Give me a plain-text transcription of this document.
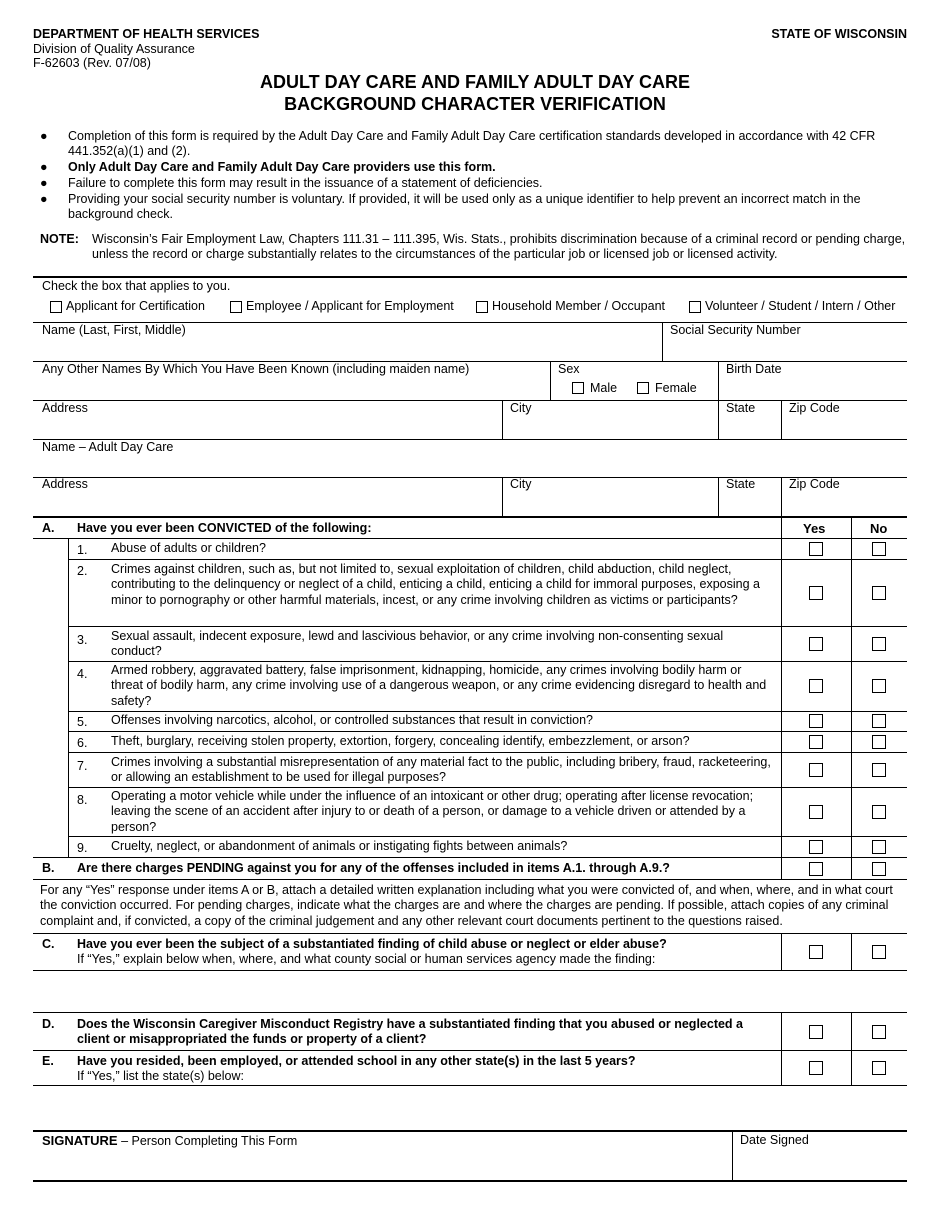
DEPARTMENT OF HEALTH SERVICES
Division of Quality Assurance
F-62603 (Rev. 07/08)
STATE OF WISCONSIN
ADULT DAY CARE AND FAMILY ADULT DAY CARE
BACKGROUND CHARACTER VERIFICATION
● Completion of this form is required by the Adult Day Care and Family Adult Day Care certification standards developed in accordance with 42 CFR 441.352(a)(1) and (2).
● Only Adult Day Care and Family Adult Day Care providers use this form.
● Failure to complete this form may result in the issuance of a statement of deficiencies.
● Providing your social security number is voluntary. If provided, it will be used only as a unique identifier to help prevent an incorrect match in the background check.
NOTE: Wisconsin’s Fair Employment Law, Chapters 111.31 – 111.395, Wis. Stats., prohibits discrimination because of a criminal record or pending charge, unless the record or charge substantially relates to the circumstances of the particular job or licensed job or licensed activity.
Check the box that applies to you.
Applicant for Certification	Employee / Applicant for Employment	Household Member / Occupant	Volunteer / Student / Intern / Other
Name (Last, First, Middle)	Social Security Number
Any Other Names By Which You Have Been Known (including maiden name)	Sex
Male	Female
Birth Date
Address	City	State	Zip Code
Name – Adult Day Care
Address	City	State	Zip Code
A. Have you ever been CONVICTED of the following:	Yes	No
1. Abuse of adults or children?
2. Crimes against children, such as, but not limited to, sexual exploitation of children, child abduction, child neglect, contributing to the delinquency or neglect of a child, enticing a child, enticing a child for immoral purposes, exposing a minor to pornography or other harmful materials, incest, or any crime involving children as victims or participants?
3. Sexual assault, indecent exposure, lewd and lascivious behavior, or any crime involving non-consenting sexual conduct?
4. Armed robbery, aggravated battery, false imprisonment, kidnapping, homicide, any crimes involving bodily harm or threat of bodily harm, any crime involving use of a dangerous weapon, or any crime evidencing disregard to health and safety?
5. Offenses involving narcotics, alcohol, or controlled substances that result in conviction?
6. Theft, burglary, receiving stolen property, extortion, forgery, concealing identify, embezzlement, or arson?
7. Crimes involving a substantial misrepresentation of any material fact to the public, including bribery, fraud, racketeering, or allowing an establishment to be used for illegal purposes?
8. Operating a motor vehicle while under the influence of an intoxicant or other drug; operating after license revocation; leaving the scene of an accident after injury to or death of a person, or damage to a vehicle driven or attended by a person?
9. Cruelty, neglect, or abandonment of animals or instigating fights between animals?
B. Are there charges PENDING against you for any of the offenses included in items A.1. through A.9.?
For any “Yes” response under items A or B, attach a detailed written explanation including what you were convicted of, and when, where, and in what court the conviction occurred. For pending charges, indicate what the charges are and where the charges are pending. If possible, attach copies of any criminal complaint and, if convicted, a copy of the criminal judgement and any other relevant court documents pertinent to the questions raised.
C. Have you ever been the subject of a substantiated finding of child abuse or neglect or elder abuse?
If “Yes,” explain below when, where, and what county social or human services agency made the finding:
D. Does the Wisconsin Caregiver Misconduct Registry have a substantiated finding that you abused or neglected a client or misappropriated the funds or property of a client?
E. Have you resided, been employed, or attended school in any other state(s) in the last 5 years?
If “Yes,” list the state(s) below:
SIGNATURE – Person Completing This Form	Date Signed
